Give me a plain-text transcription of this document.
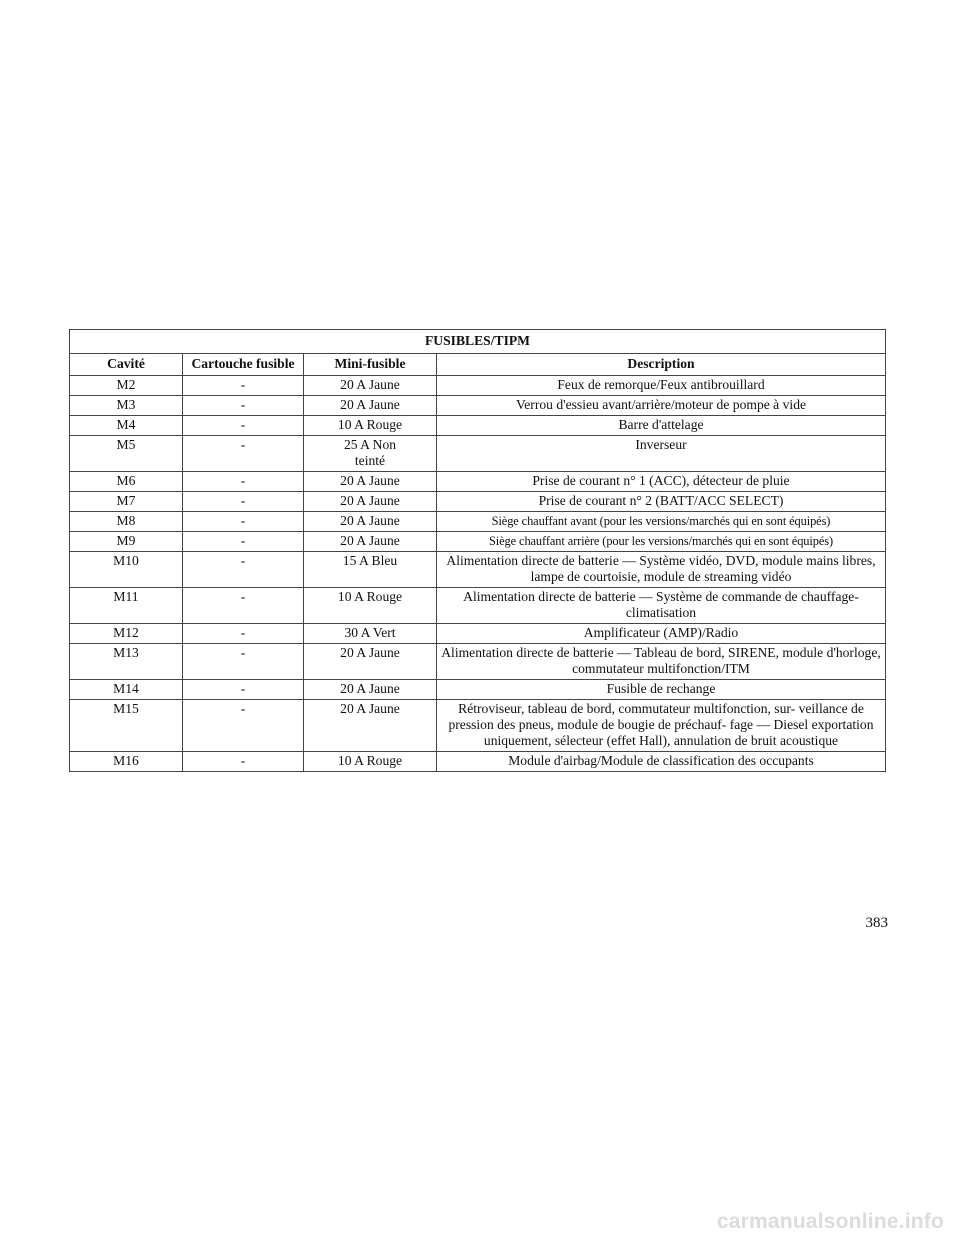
FUSIBLES/TIPM			
Cavité	Cartouche fusible	Mini-fusible	Description
M2	-	20 A Jaune	Feux de remorque/Feux antibrouillard
M3	-	20 A Jaune	Verrou d'essieu avant/arrière/moteur de pompe à vide
M4	-	10 A Rouge	Barre d'attelage
M5	-	25 A Non teinté	Inverseur
M6	-	20 A Jaune	Prise de courant n° 1 (ACC), détecteur de pluie
M7	-	20 A Jaune	Prise de courant n° 2 (BATT/ACC SELECT)
M8	-	20 A Jaune	Siège chauffant avant (pour les versions/marchés qui en sont équipés)
M9	-	20 A Jaune	Siège chauffant arrière (pour les versions/marchés qui en sont équipés)
M10	-	15 A Bleu	Alimentation directe de batterie — Système vidéo, DVD, module mains libres, lampe de courtoisie, module de streaming vidéo
M11	-	10 A Rouge	Alimentation directe de batterie — Système de commande de chauffage-climatisation
M12	-	30 A Vert	Amplificateur (AMP)/Radio
M13	-	20 A Jaune	Alimentation directe de batterie — Tableau de bord, SIRENE, module d'horloge, commutateur multifonction/ITM
M14	-	20 A Jaune	Fusible de rechange
M15	-	20 A Jaune	Rétroviseur, tableau de bord, commutateur multifonction, sur- veillance de pression des pneus, module de bougie de préchauf- fage — Diesel exportation uniquement, sélecteur (effet Hall), annulation de bruit acoustique
M16	-	10 A Rouge	Module d'airbag/Module de classification des occupants
383
carmanualsonline.info
